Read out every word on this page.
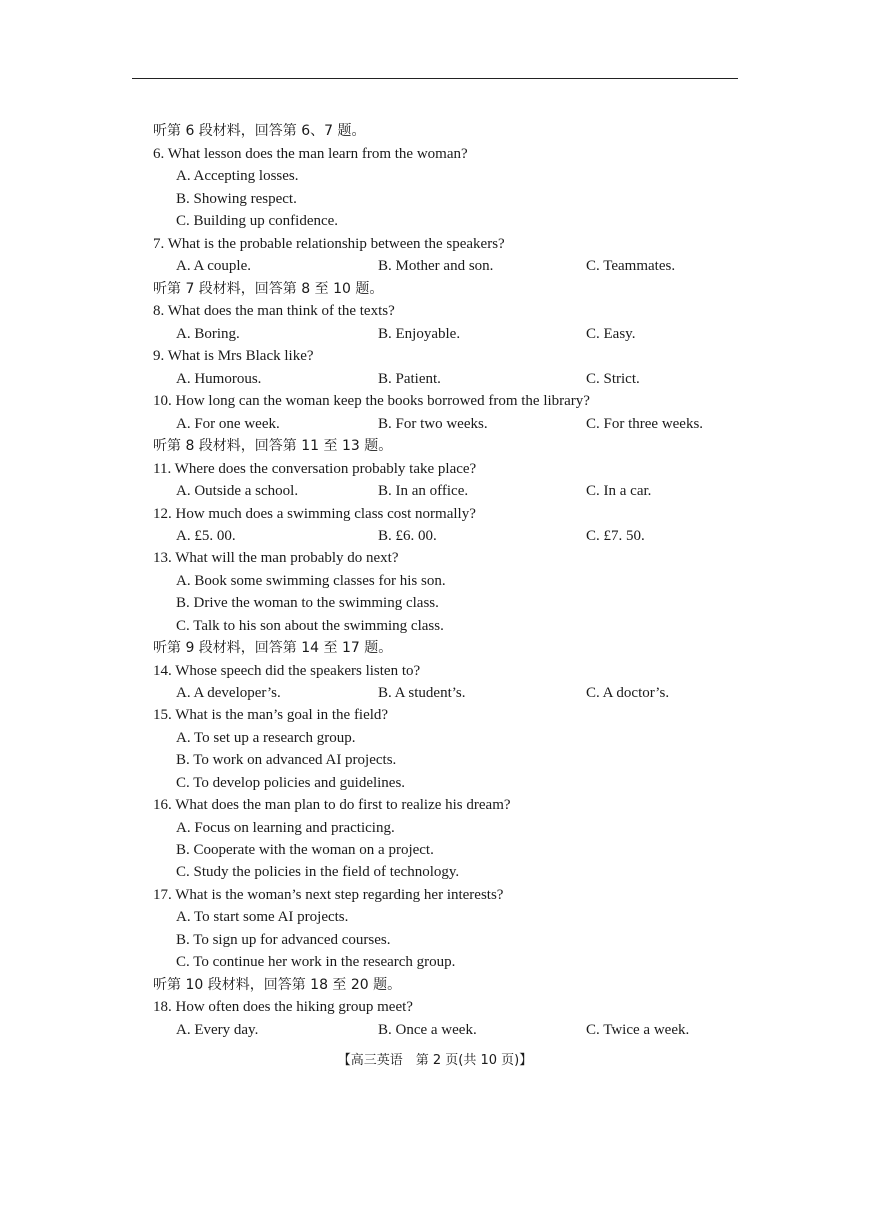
听第 6 段材料，回答第 6、7 题。
6. What lesson does the man learn from the woman?
A. Accepting losses.
B. Showing respect.
C. Building up confidence.
7. What is the probable relationship between the speakers?
A. A couple.	B. Mother and son.	C. Teammates.
听第 7 段材料，回答第 8 至 10 题。
8. What does the man think of the texts?
A. Boring.	B. Enjoyable.	C. Easy.
9. What is Mrs Black like?
A. Humorous.	B. Patient.	C. Strict.
10. How long can the woman keep the books borrowed from the library?
A. For one week.	B. For two weeks.	C. For three weeks.
听第 8 段材料，回答第 11 至 13 题。
11. Where does the conversation probably take place?
A. Outside a school.	B. In an office.	C. In a car.
12. How much does a swimming class cost normally?
A. £5. 00.	B. £6. 00.	C. £7. 50.
13. What will the man probably do next?
A. Book some swimming classes for his son.
B. Drive the woman to the swimming class.
C. Talk to his son about the swimming class.
听第 9 段材料，回答第 14 至 17 题。
14. Whose speech did the speakers listen to?
A. A developer’s.	B. A student’s.	C. A doctor’s.
15. What is the man’s goal in the field?
A. To set up a research group.
B. To work on advanced AI projects.
C. To develop policies and guidelines.
16. What does the man plan to do first to realize his dream?
A. Focus on learning and practicing.
B. Cooperate with the woman on a project.
C. Study the policies in the field of technology.
17. What is the woman’s next step regarding her interests?
A. To start some AI projects.
B. To sign up for advanced courses.
C. To continue her work in the research group.
听第 10 段材料，回答第 18 至 20 题。
18. How often does the hiking group meet?
A. Every day.	B. Once a week.	C. Twice a week.
【高三英语　第 2 页(共 10 页)】
